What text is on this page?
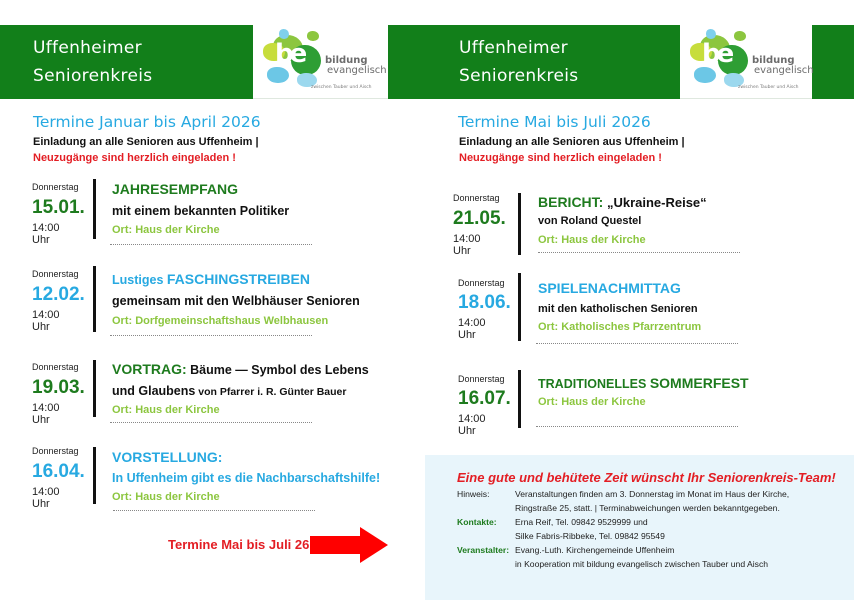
Uffenheimer
Seniorenkreis
Uffenheimer
Seniorenkreis
be bildung
evangelisch
zwischen Tauber und Aisch
be bildung
evangelisch
zwischen Tauber und Aisch
Termine Januar bis April 2026
Einladung an alle Senioren aus Uffenheim |
Neuzugänge sind herzlich eingeladen !
Donnerstag
15.01.
14:00 Uhr
JAHRESEMPFANG
mit einem bekannten Politiker
Ort: Haus der Kirche
Donnerstag
12.02.
14:00 Uhr
Lustiges FASCHINGSTREIBEN
gemeinsam mit den Welbhäuser Senioren
Ort: Dorfgemeinschaftshaus Welbhausen
Donnerstag
19.03.
14:00 Uhr
VORTRAG: Bäume — Symbol des Lebens
und Glaubens von Pfarrer i. R. Günter Bauer
Ort: Haus der Kirche
Donnerstag
16.04.
14:00 Uhr
VORSTELLUNG:
In Uffenheim gibt es die Nachbarschaftshilfe!
Ort: Haus der Kirche
Termine Mai bis Juli 26
Termine Mai bis Juli 2026
Einladung an alle Senioren aus Uffenheim |
Neuzugänge sind herzlich eingeladen !
Donnerstag
21.05.
14:00 Uhr
BERICHT: „Ukraine-Reise“
von Roland Questel
Ort: Haus der Kirche
Donnerstag
18.06.
14:00 Uhr
SPIELENACHMITTAG
mit den katholischen Senioren
Ort: Katholisches Pfarrzentrum
Donnerstag
16.07.
14:00 Uhr
TRADITIONELLES SOMMERFEST
Ort: Haus der Kirche
Eine gute und behütete Zeit wünscht Ihr Seniorenkreis-Team!
Hinweis:	Veranstaltungen finden am 3. Donnerstag im Monat im Haus der Kirche,
Ringstraße 25, statt. | Terminabweichungen werden bekanntgegeben.
Kontakte: Erna Reif, Tel. 09842 9529999 und
Silke Fabris-Ribbeke, Tel. 09842 95549
Veranstalter: Evang.-Luth. Kirchengemeinde Uffenheim
in Kooperation mit bildung evangelisch zwischen Tauber und Aisch
